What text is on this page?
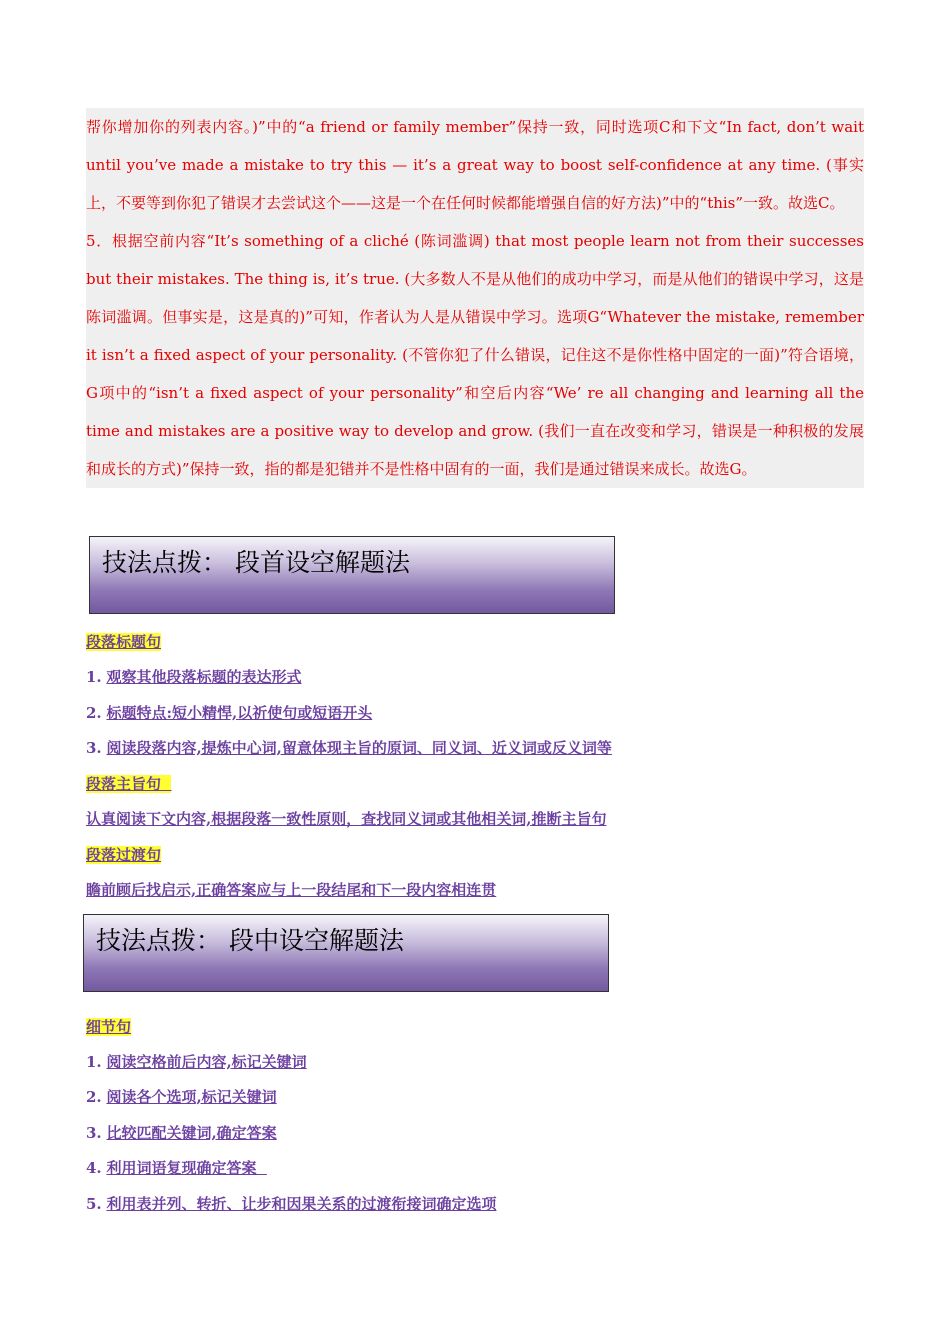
帮你增加你的列表内容。)”中的“a friend or family member”保持一致，同时选项C和下文“In fact, don’t wait until you’ve made a mistake to try this — it’s a great way to boost self-confidence at any time. (事实上，不要等到你犯了错误才去尝试这个——这是一个在任何时候都能增强自信的好方法)”中的“this”一致。故选C。

5．根据空前内容“It’s something of a cliché (陈词滥调) that most people learn not from their successes but their mistakes. The thing is, it’s true. (大多数人不是从他们的成功中学习，而是从他们的错误中学习，这是陈词滥调。但事实是，这是真的)”可知，作者认为人是从错误中学习。选项G“Whatever the mistake, remember it isn’t a fixed aspect of your personality. (不管你犯了什么错误，记住这不是你性格中固定的一面)”符合语境，G项中的“isn’t a fixed aspect of your personality”和空后内容“We’ re all changing and learning all the time and mistakes are a positive way to develop and grow. (我们一直在改变和学习，错误是一种积极的发展和成长的方式)”保持一致，指的都是犯错并不是性格中固有的一面，我们是通过错误来成长。故选G。

技法点拨： 段首设空解题法
段落标题句
1. 观察其他段落标题的表达形式
2. 标题特点:短小精悍,以祈使句或短语开头
3. 阅读段落内容,提炼中心词,留意体现主旨的原词、同义词、近义词或反义词等
段落主旨句
认真阅读下文内容,根据段落一致性原则，查找同义词或其他相关词,推断主旨句
段落过渡句
瞻前顾后找启示,正确答案应与上一段结尾和下一段内容相连贯
技法点拨： 段中设空解题法
细节句
1. 阅读空格前后内容,标记关键词
2. 阅读各个选项,标记关键词
3. 比较匹配关键词,确定答案
4. 利用词语复现确定答案
5. 利用表并列、转折、让步和因果关系的过渡衔接词确定选项
